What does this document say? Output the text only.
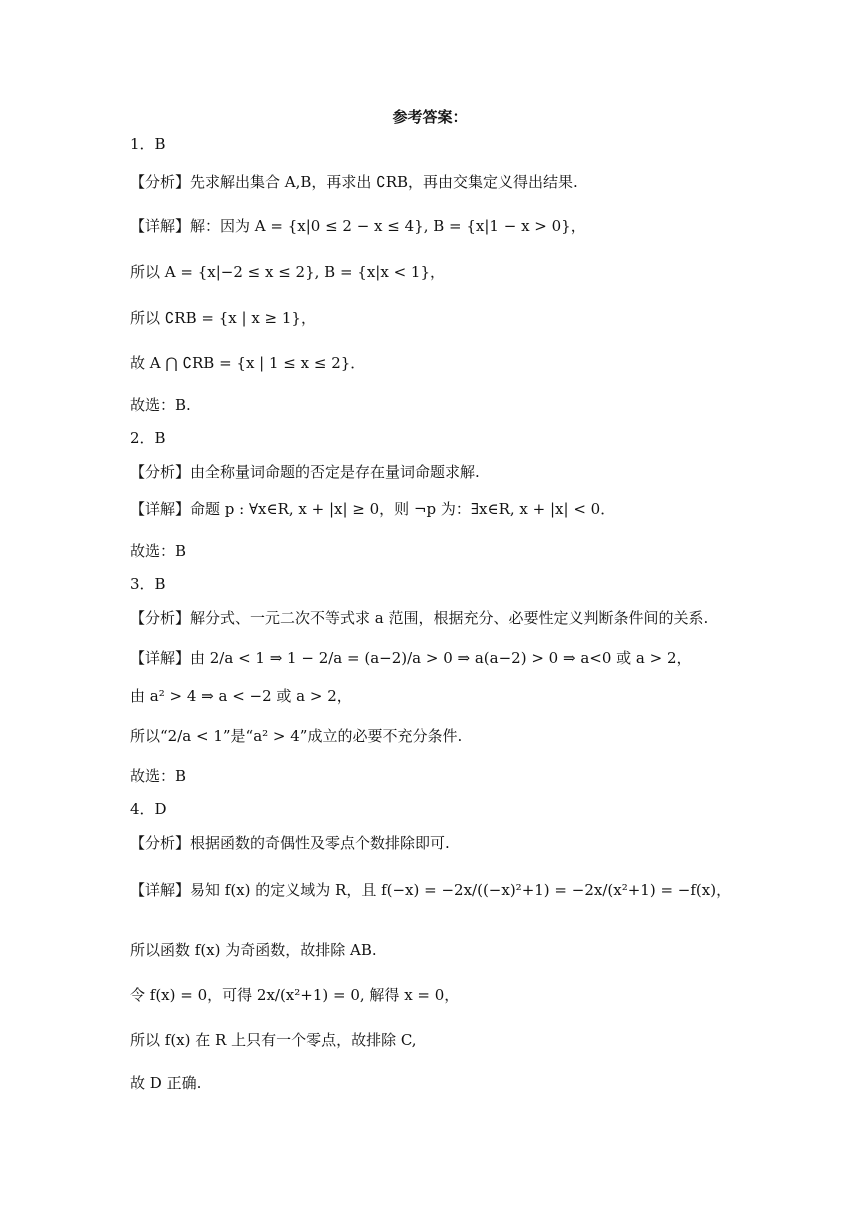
参考答案：
1．B
【分析】先求解出集合 A,B，再求出 ∁RB，再由交集定义得出结果.
【详解】解：因为 A = {x|0 ≤ 2 − x ≤ 4}, B = {x|1 − x > 0}，
所以 A = {x|−2 ≤ x ≤ 2}, B = {x|x < 1}，
所以 ∁RB = {x | x ≥ 1}，
故 A ⋂ ∁RB = {x | 1 ≤ x ≤ 2}．
故选：B.
2．B
【分析】由全称量词命题的否定是存在量词命题求解.
【详解】命题 p : ∀x∈R, x + |x| ≥ 0，则 ¬p 为：∃x∈R, x + |x| < 0．
故选：B
3．B
【分析】解分式、一元二次不等式求 a 范围，根据充分、必要性定义判断条件间的关系.
【详解】由 2/a < 1 ⇒ 1 − 2/a = (a−2)/a > 0 ⇒ a(a−2) > 0 ⇒ a<0 或 a > 2，
由 a² > 4 ⇒ a < −2 或 a > 2，
所以“2/a < 1”是“a² > 4”成立的必要不充分条件.
故选：B
4．D
【分析】根据函数的奇偶性及零点个数排除即可.
【详解】易知 f(x) 的定义域为 R，且 f(−x) = −2x/((−x)²+1) = −2x/(x²+1) = −f(x)，
所以函数 f(x) 为奇函数，故排除 AB.
令 f(x) = 0，可得 2x/(x²+1) = 0, 解得 x = 0，
所以 f(x) 在 R 上只有一个零点，故排除 C,
故 D 正确.
